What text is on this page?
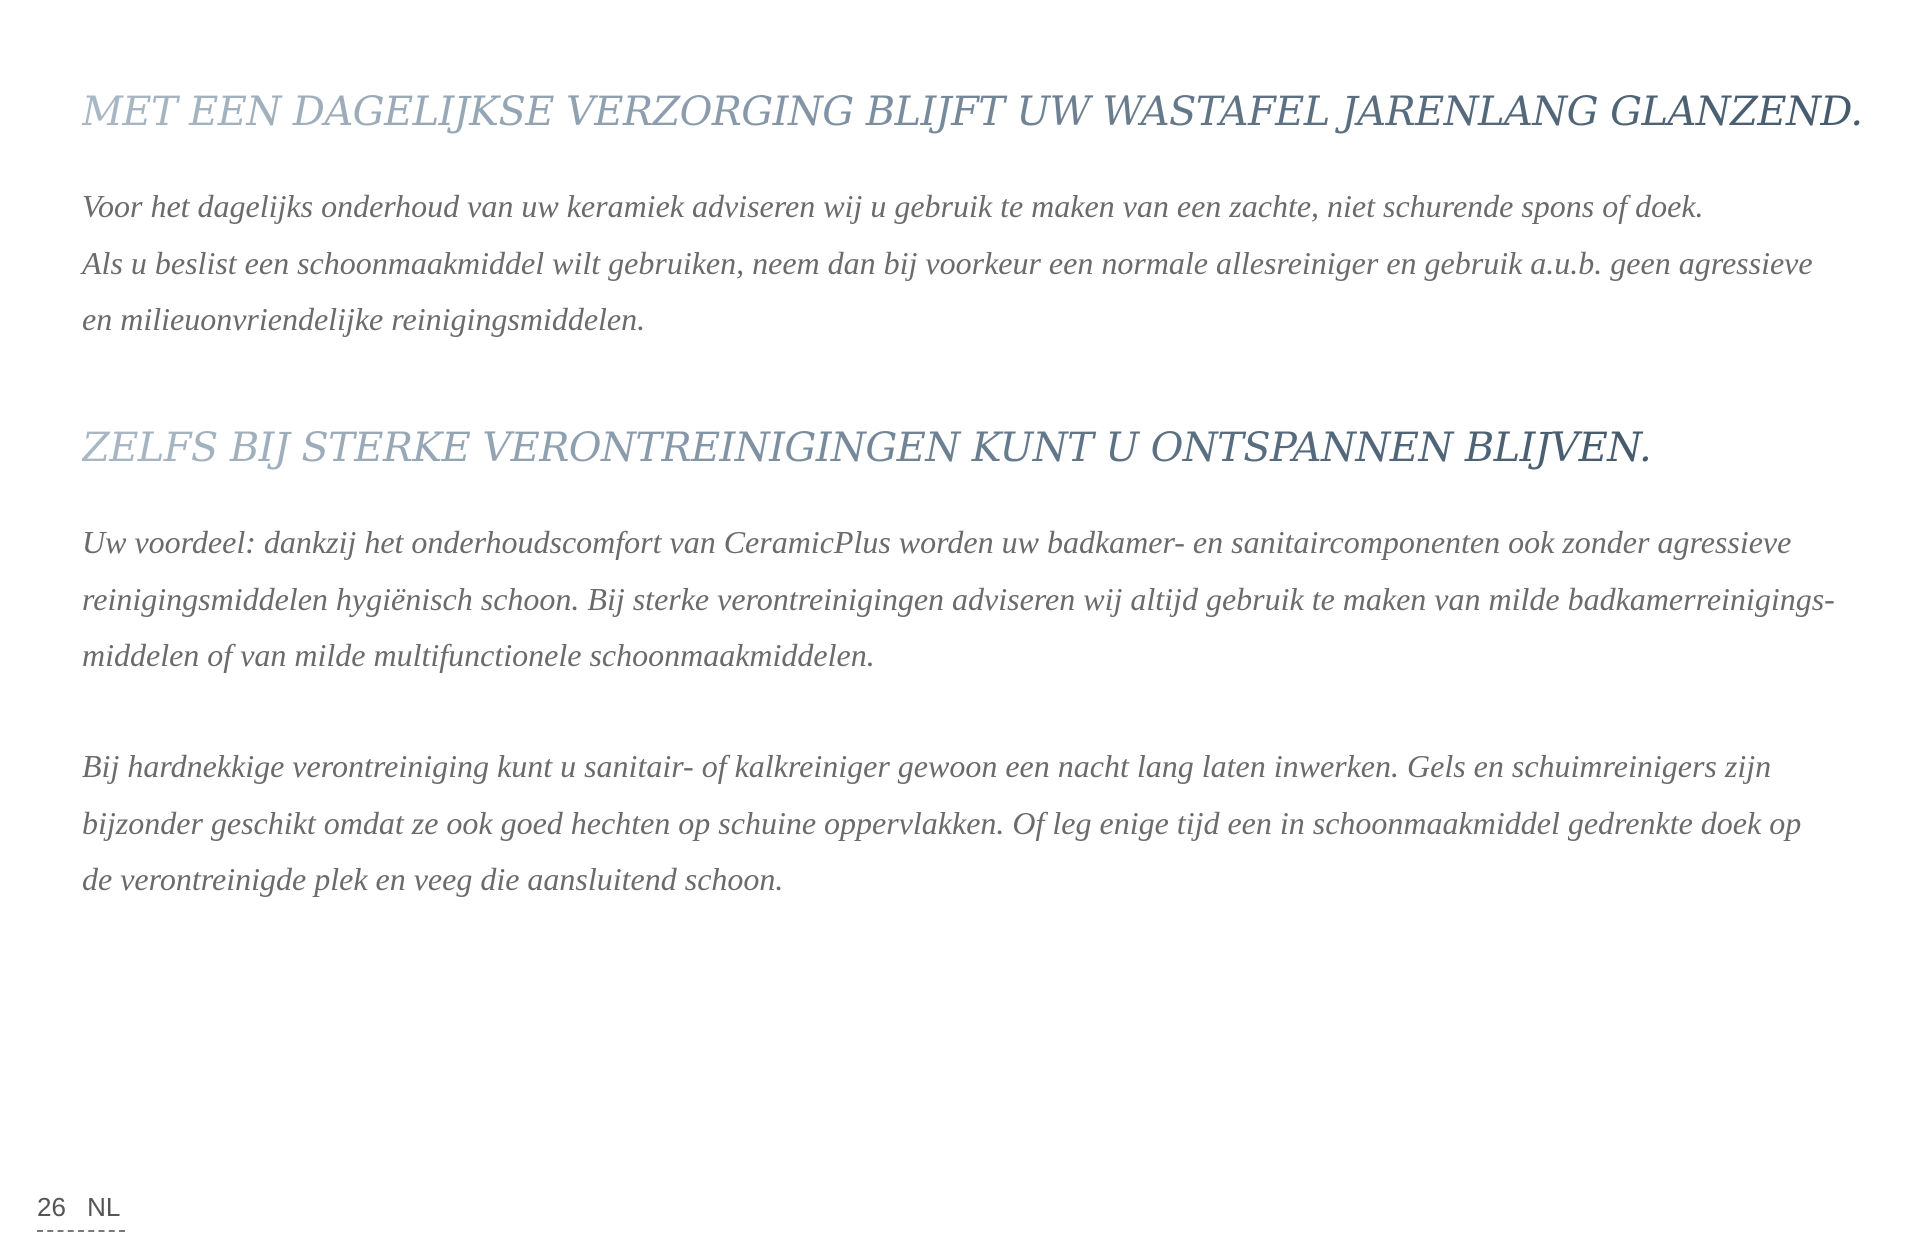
MET EEN DAGELIJKSE VERZORGING BLIJFT UW WASTAFEL JARENLANG GLANZEND.

Voor het dagelijks onderhoud van uw keramiek adviseren wij u gebruik te maken van een zachte, niet schurende spons of doek.
Als u beslist een schoonmaakmiddel wilt gebruiken, neem dan bij voorkeur een normale allesreiniger en gebruik a.u.b. geen agressieve
en milieuonvriendelijke reinigingsmiddelen.

ZELFS BIJ STERKE VERONTREINIGINGEN KUNT U ONTSPANNEN BLIJVEN.

Uw voordeel: dankzij het onderhoudscomfort van CeramicPlus worden uw badkamer- en sanitaircomponenten ook zonder agressieve
reinigingsmiddelen hygiënisch schoon. Bij sterke verontreinigingen adviseren wij altijd gebruik te maken van milde badkamerreinigings-
middelen of van milde multifunctionele schoonmaakmiddelen.

Bij hardnekkige verontreiniging kunt u sanitair- of kalkreiniger gewoon een nacht lang laten inwerken. Gels en schuimreinigers zijn
bijzonder geschikt omdat ze ook goed hechten op schuine oppervlakken. Of leg enige tijd een in schoonmaakmiddel gedrenkte doek op
de verontreinigde plek en veeg die aansluitend schoon.

26 NL
